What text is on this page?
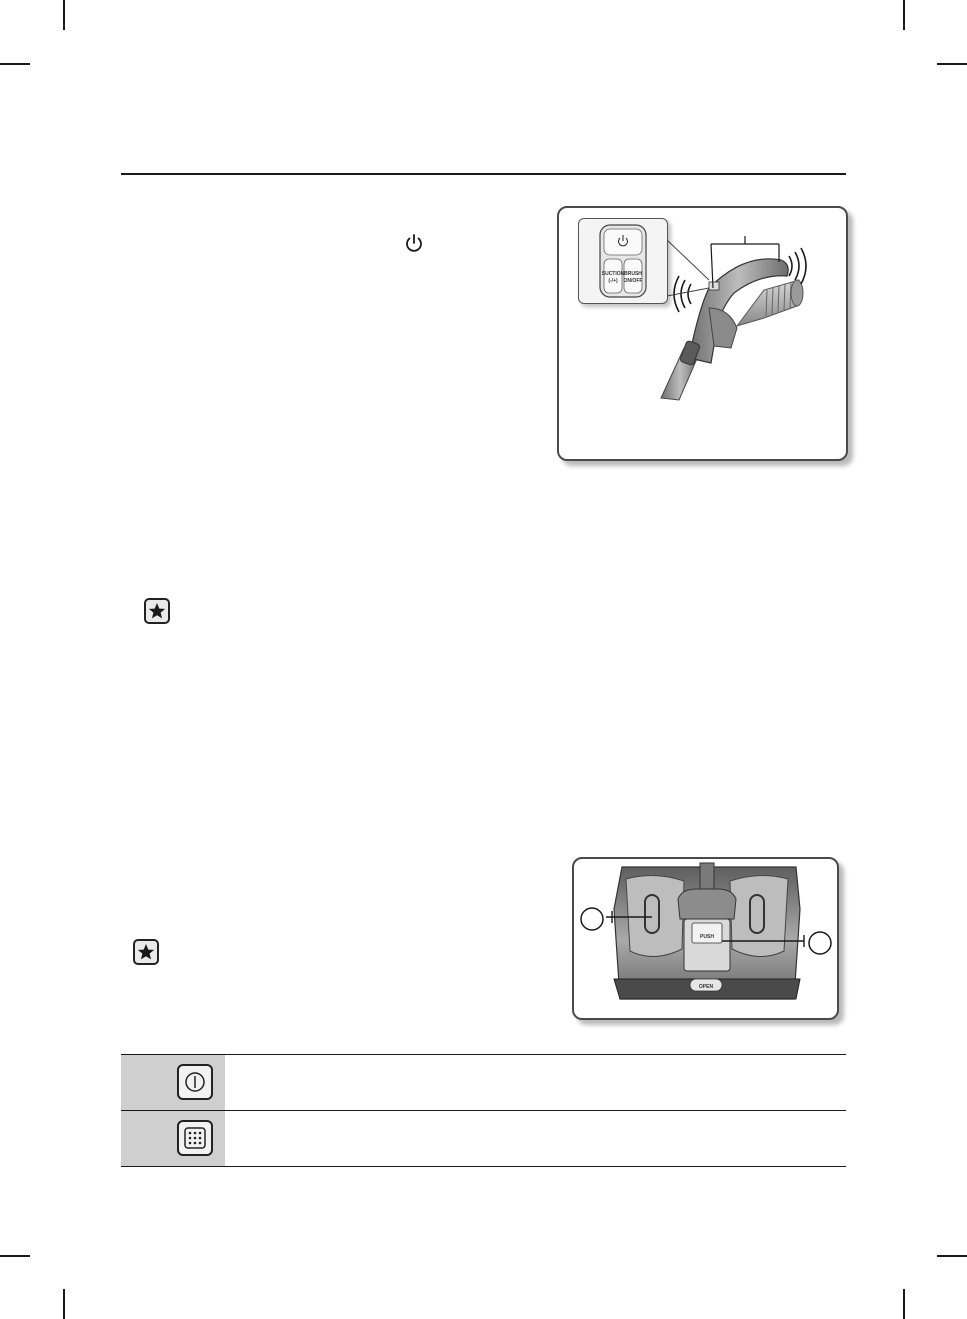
SUCTION
(-/+)
BRUSH
ON/OFF
PUSH
OPEN
